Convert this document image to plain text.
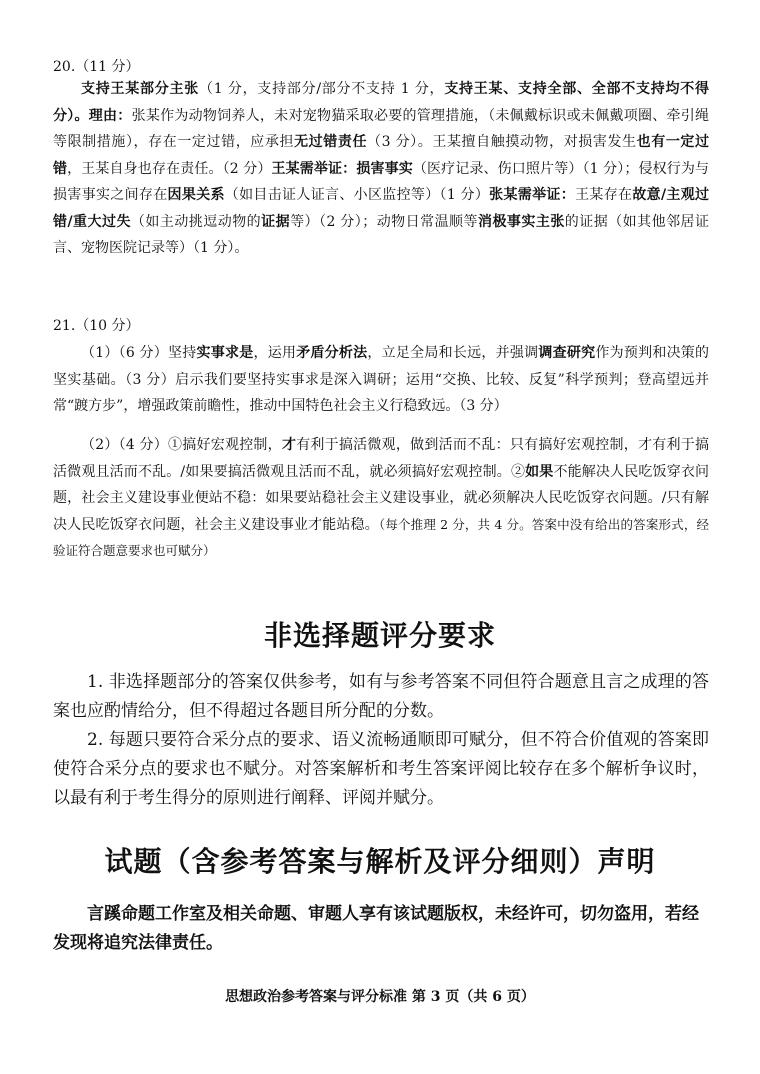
20.（11 分）
支持王某部分主张（1 分，支持部分/部分不支持 1 分，支持王某、支持全部、全部不支持均不得分）。理由：张某作为动物饲养人，未对宠物猫采取必要的管理措施，（未佩戴标识或未佩戴项圈、牵引绳等限制措施），存在一定过错，应承担无过错责任（3 分）。王某擅自触摸动物，对损害发生也有一定过错，王某自身也存在责任。（2 分）王某需举证：损害事实（医疗记录、伤口照片等）（1 分）；侵权行为与损害事实之间存在因果关系（如目击证人证言、小区监控等）（1 分）张某需举证：王某存在故意/主观过错/重大过失（如主动挑逗动物的证据等）（2 分）；动物日常温顺等消极事实主张的证据（如其他邻居证言、宠物医院记录等）（1 分）。
21.（10 分）
（1）（6 分）坚持实事求是，运用矛盾分析法，立足全局和长远，并强调调查研究作为预判和决策的坚实基础。（3 分）启示我们要坚持实事求是深入调研；运用“交换、比较、反复”科学预判；登高望远并常“踱方步”，增强政策前瞻性，推动中国特色社会主义行稳致远。（3 分）
（2）（4 分）①搞好宏观控制，才有利于搞活微观，做到活而不乱：只有搞好宏观控制，才有利于搞活微观且活而不乱。/如果要搞活微观且活而不乱，就必须搞好宏观控制。②如果不能解决人民吃饭穿衣问题，社会主义建设事业便站不稳：如果要站稳社会主义建设事业，就必须解决人民吃饭穿衣问题。/只有解决人民吃饭穿衣问题，社会主义建设事业才能站稳。（每个推理 2 分，共 4 分。答案中没有给出的答案形式，经验证符合题意要求也可赋分）
非选择题评分要求
1. 非选择题部分的答案仅供参考，如有与参考答案不同但符合题意且言之成理的答案也应酌情给分，但不得超过各题目所分配的分数。
2. 每题只要符合采分点的要求、语义流畅通顺即可赋分，但不符合价值观的答案即使符合采分点的要求也不赋分。对答案解析和考生答案评阅比较存在多个解析争议时，以最有利于考生得分的原则进行阐释、评阅并赋分。
试题（含参考答案与解析及评分细则）声明
言蹊命题工作室及相关命题、审题人享有该试题版权，未经许可，切勿盗用，若经发现将追究法律责任。
思想政治参考答案与评分标准 第 3 页（共 6 页）
